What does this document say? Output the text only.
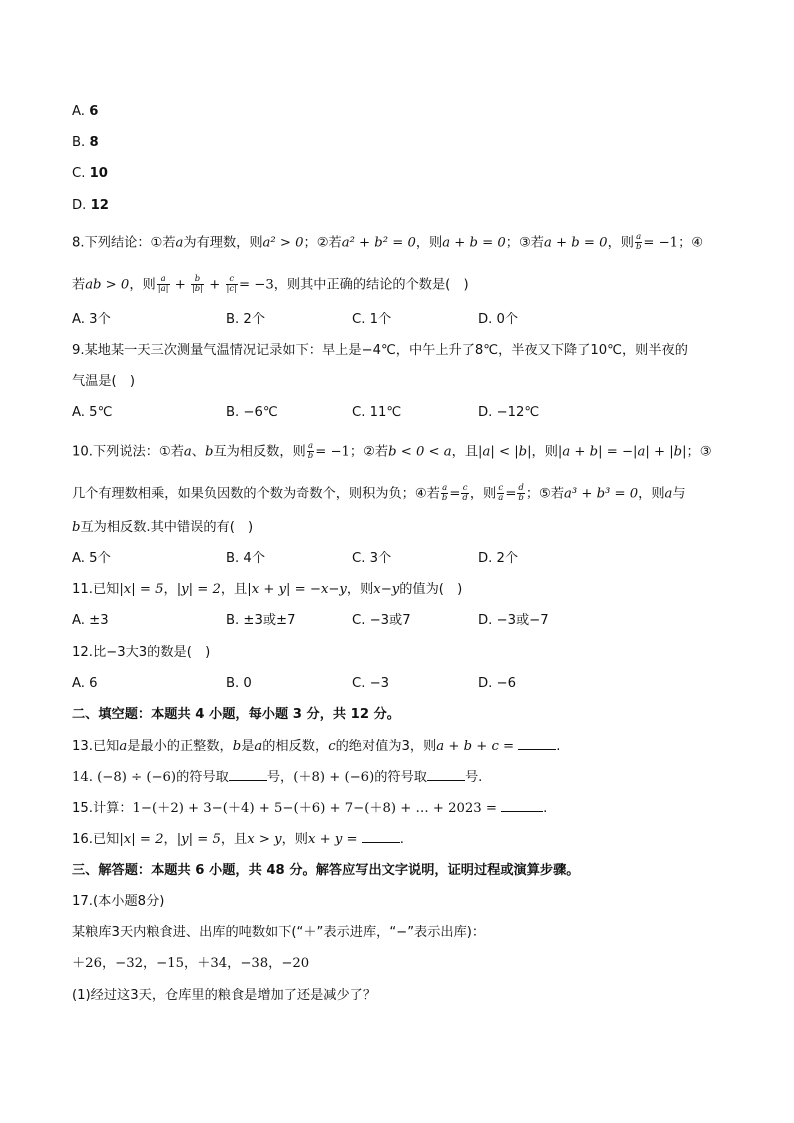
A. 6
B. 8
C. 10
D. 12
8.下列结论：①若a为有理数，则a² > 0；②若a² + b² = 0，则a + b = 0；③若a + b = 0，则 $\frac{a}{b} = -1$；④
若ab > 0，则 $\frac{a}{|a|} + \frac{b}{|b|} + \frac{c}{|c|} = -3$，则其中正确的结论的个数是(　)
A. 3个	B. 2个	C. 1个	D. 0个
9.某地某一天三次测量气温情况记录如下：早上是−4℃，中午上升了8℃，半夜又下降了10℃，则半夜的
气温是(　)
A. 5℃	B. −6℃	C. 11℃	D. −12℃
10.下列说法：①若a、b互为相反数，则 $\frac{a}{b} = -1$；②若b < 0 < a，且|a| < |b|，则|a + b| = −|a| + |b|；③
几个有理数相乘，如果负因数的个数为奇数个，则积为负；④若 $\frac{a}{b} = \frac{c}{d}$ ，则 $\frac{c}{a} = \frac{d}{b}$ ；⑤若a³ + b³ = 0，则a与
b互为相反数.其中错误的有(　)
A. 5个	B. 4个	C. 3个	D. 2个
11.已知|x| = 5，|y| = 2，且|x + y| = −x−y，则x−y的值为(　)
A. ±3	B. ±3或±7	C. −3或7	D. −3或−7
12.比−3大3的数是(　)
A. 6	B. 0	C. −3	D. −6
二、填空题：本题共 4 小题，每小题 3 分，共 12 分。
13.已知a是最小的正整数，b是a的相反数，c的绝对值为3，则a + b + c =	.
14. (−8) ÷ (−6)的符号取	号，(＋8) + (−6)的符号取	号.
15.计算：1−(＋2) + 3−(＋4) + 5−(＋6) + 7−(＋8) + … + 2023 =	.
16.已知|x| = 2，|y| = 5，且x > y，则x + y =	.
三、解答题：本题共 6 小题，共 48 分。解答应写出文字说明，证明过程或演算步骤。
17.(本小题8分)
某粮库3天内粮食进、出库的吨数如下(“＋”表示进库，“−”表示出库)：
＋26，−32，−15，＋34，−38，−20
(1)经过这3天，仓库里的粮食是增加了还是减少了？
